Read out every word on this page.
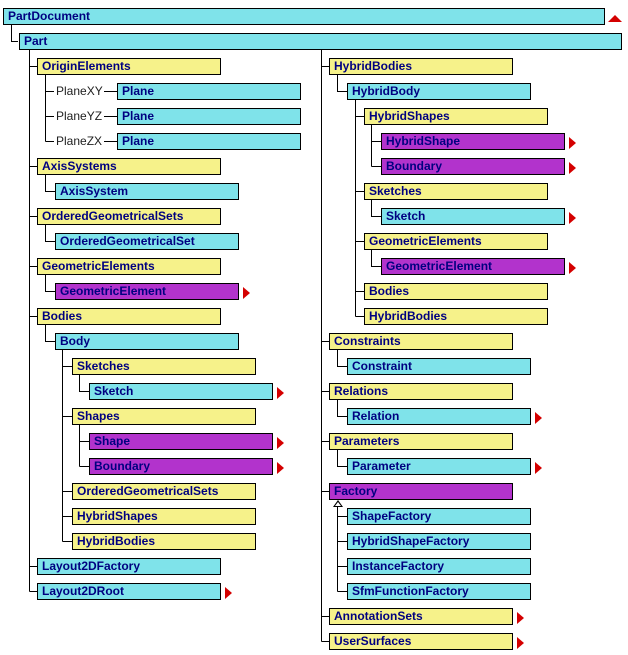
PartDocument
Part
OriginElements
PlaneXY
PlaneYZ
PlaneZX
Plane
Plane
Plane
AxisSystems
AxisSystem
OrderedGeometricalSets
OrderedGeometricalSet
GeometricElements
GeometricElement
Bodies
Body
Sketches
Sketch
Shapes
Shape
Boundary
OrderedGeometricalSets
HybridShapes
HybridBodies
Layout2DFactory
Layout2DRoot
HybridBodies
HybridBody
HybridShapes
HybridShape
Boundary
Sketches
Sketch
GeometricElements
GeometricElement
Bodies
HybridBodies
Constraints
Constraint
Relations
Relation
Parameters
Parameter
Factory
ShapeFactory
HybridShapeFactory
InstanceFactory
SfmFunctionFactory
AnnotationSets
UserSurfaces
